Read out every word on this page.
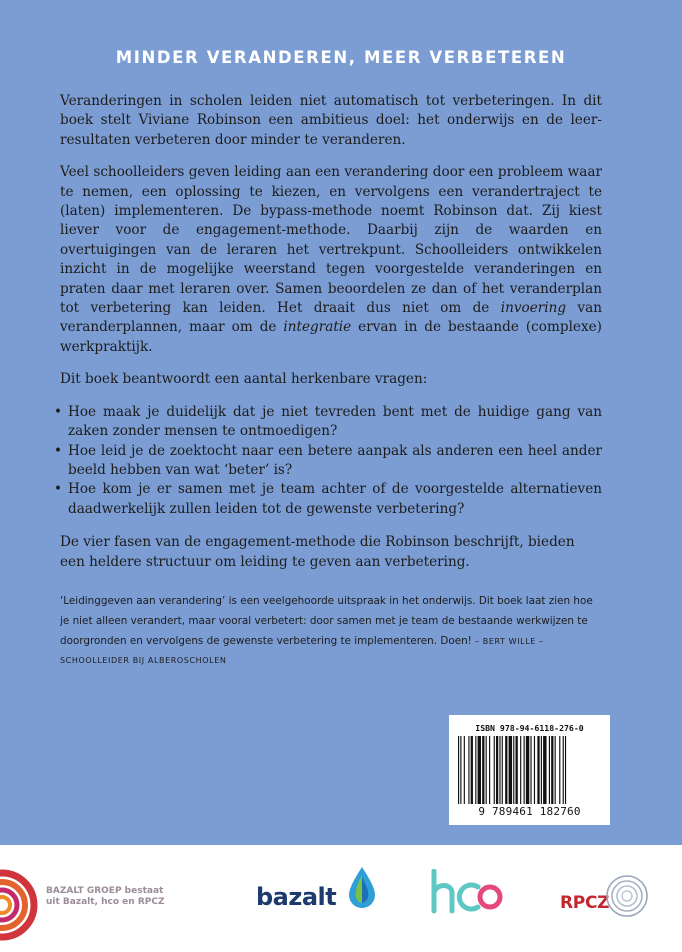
MINDER VERANDEREN, MEER VERBETEREN

Veranderingen in scholen leiden niet automatisch tot verbeteringen. In dit boek stelt Viviane Robinson een ambitieus doel: het onderwijs en de leerresultaten verbeteren door minder te veranderen.

Veel schoolleiders geven leiding aan een verandering door een probleem waar te nemen, een oplossing te kiezen, en vervolgens een verandertraject te (laten) implementeren. De bypass-methode noemt Robinson dat. Zij kiest liever voor de engagement-methode. Daarbij zijn de waarden en overtuigingen van de leraren het vertrekpunt. Schoolleiders ontwikkelen inzicht in de mogelijke weerstand tegen voorgestelde veranderingen en praten daar met leraren over. Samen beoordelen ze dan of het veranderplan tot verbetering kan leiden. Het draait dus niet om de invoering van veranderplannen, maar om de integratie ervan in de bestaande (complexe) werkpraktijk.

Dit boek beantwoordt een aantal herkenbare vragen:

• Hoe maak je duidelijk dat je niet tevreden bent met de huidige gang van zaken zonder mensen te ontmoedigen?
• Hoe leid je de zoektocht naar een betere aanpak als anderen een heel ander beeld hebben van wat ‘beter’ is?
• Hoe kom je er samen met je team achter of de voorgestelde alternatieven daadwerkelijk zullen leiden tot de gewenste verbetering?

De vier fasen van de engagement-methode die Robinson beschrijft, bieden een heldere structuur om leiding te geven aan verbetering.

‘Leidinggeven aan verandering’ is een veelgehoorde uitspraak in het onderwijs. Dit boek laat zien hoe je niet alleen verandert, maar vooral verbetert: door samen met je team de bestaande werkwijzen te doorgronden en vervolgens de gewenste verbetering te implementeren. Doen! – BERT WILLE – SCHOOLLEIDER BIJ ALBEROSCHOLEN
ISBN 978-94-6118-276-0
9 789461 182760
BAZALT GROEP bestaat
uit Bazalt, hco en RPCZ	bazalt	RPCZ
